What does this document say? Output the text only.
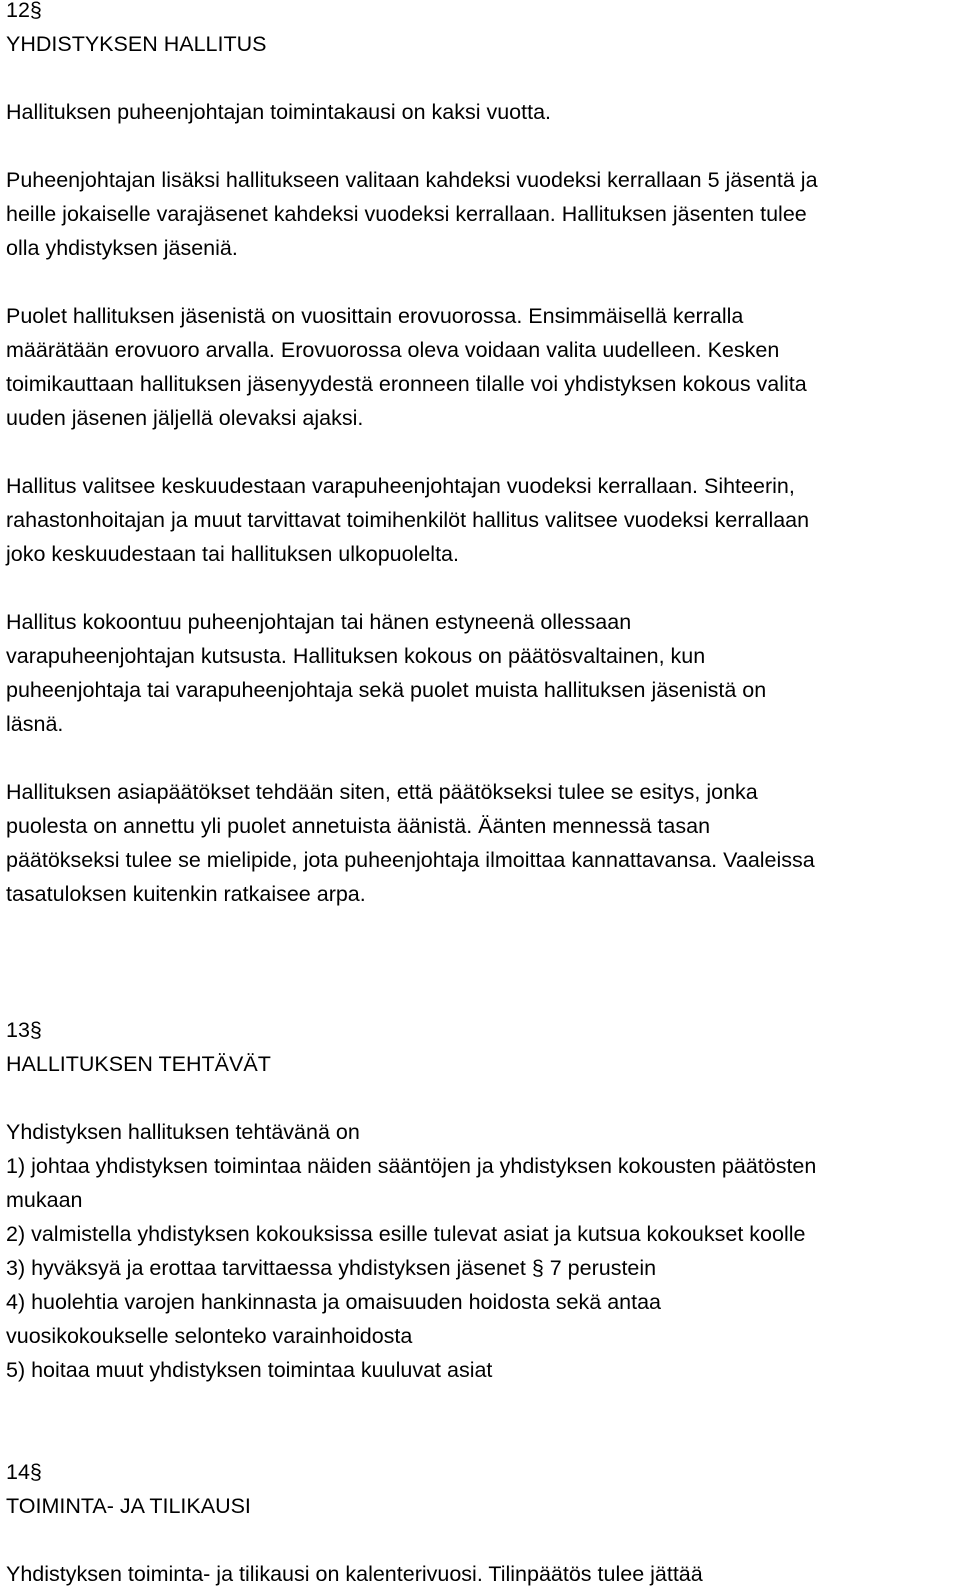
12§

YHDISTYKSEN HALLITUS

Hallituksen puheenjohtajan toimintakausi on kaksi vuotta.

Puheenjohtajan lisäksi hallitukseen valitaan kahdeksi vuodeksi kerrallaan 5 jäsentä ja
heille jokaiselle varajäsenet kahdeksi vuodeksi kerrallaan. Hallituksen jäsenten tulee
olla yhdistyksen jäseniä.

Puolet hallituksen jäsenistä on vuosittain erovuorossa. Ensimmäisellä kerralla
määrätään erovuoro arvalla. Erovuorossa oleva voidaan valita uudelleen. Kesken
toimikauttaan hallituksen jäsenyydestä eronneen tilalle voi yhdistyksen kokous valita
uuden jäsenen jäljellä olevaksi ajaksi.

Hallitus valitsee keskuudestaan varapuheenjohtajan vuodeksi kerrallaan. Sihteerin,
rahastonhoitajan ja muut tarvittavat toimihenkilöt hallitus valitsee vuodeksi kerrallaan
joko keskuudestaan tai hallituksen ulkopuolelta.

Hallitus kokoontuu puheenjohtajan tai hänen estyneenä ollessaan
varapuheenjohtajan kutsusta. Hallituksen kokous on päätösvaltainen, kun
puheenjohtaja tai varapuheenjohtaja sekä puolet muista hallituksen jäsenistä on
läsnä.

Hallituksen asiapäätökset tehdään siten, että päätökseksi tulee se esitys, jonka
puolesta on annettu yli puolet annetuista äänistä. Äänten mennessä tasan
päätökseksi tulee se mielipide, jota puheenjohtaja ilmoittaa kannattavansa. Vaaleissa
tasatuloksen kuitenkin ratkaisee arpa.

13§

HALLITUKSEN TEHTÄVÄT

Yhdistyksen hallituksen tehtävänä on

1) johtaa yhdistyksen toimintaa näiden sääntöjen ja yhdistyksen kokousten päätösten
mukaan

2) valmistella yhdistyksen kokouksissa esille tulevat asiat ja kutsua kokoukset koolle

3) hyväksyä ja erottaa tarvittaessa yhdistyksen jäsenet § 7 perustein

4) huolehtia varojen hankinnasta ja omaisuuden hoidosta sekä antaa
vuosikokoukselle selonteko varainhoidosta

5) hoitaa muut yhdistyksen toimintaa kuuluvat asiat

14§

TOIMINTA- JA TILIKAUSI

Yhdistyksen toiminta- ja tilikausi on kalenterivuosi. Tilinpäätös tulee jättää
